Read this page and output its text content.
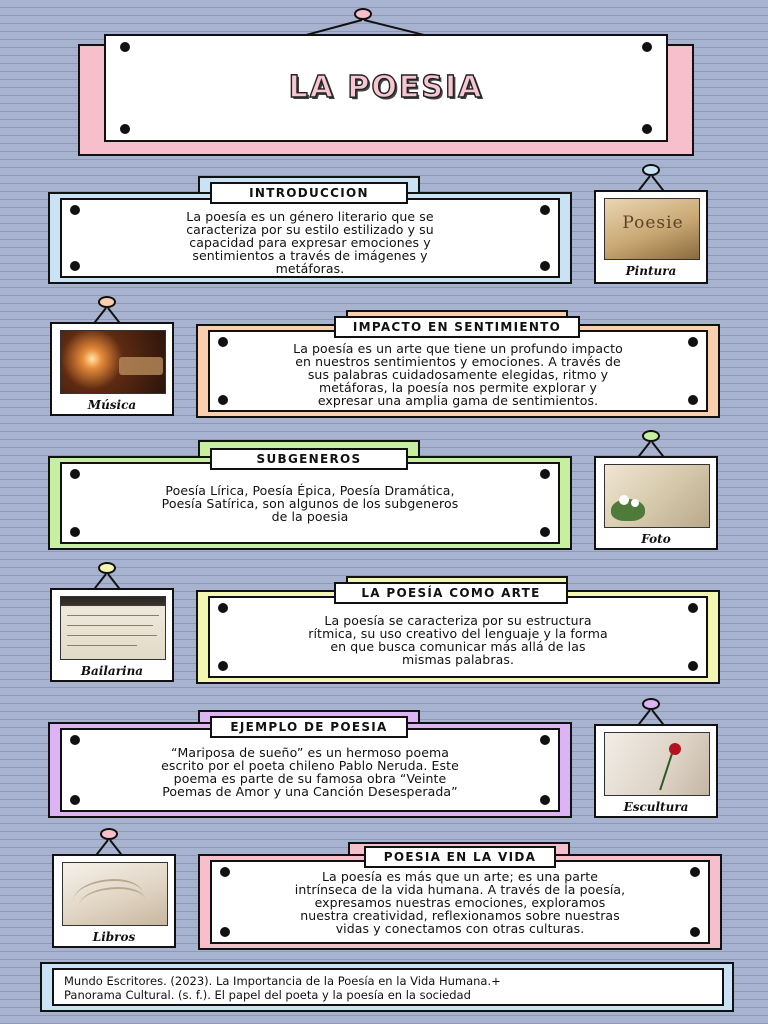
LA POESIA
INTRODUCCION
La poesía es un género literario que se
caracteriza por su estilo estilizado y su
capacidad para expresar emociones y
sentimientos a través de imágenes y
metáforas.
Poesie
Pintura
Música
IMPACTO EN SENTIMIENTO
La poesía es un arte que tiene un profundo impacto
en nuestros sentimientos y emociones. A través de
sus palabras cuidadosamente elegidas, ritmo y
metáforas, la poesía nos permite explorar y
expresar una amplia gama de sentimientos.
SUBGENEROS
Poesía Lírica, Poesía Épica, Poesía Dramática,
Poesía Satírica, son algunos de los subgeneros
de la poesia
Foto
Bailarina
LA POESÍA COMO ARTE
La poesía se caracteriza por su estructura
rítmica, su uso creativo del lenguaje y la forma
en que busca comunicar más allá de las
mismas palabras.
EJEMPLO DE POESIA
“Mariposa de sueño” es un hermoso poema
escrito por el poeta chileno Pablo Neruda. Este
poema es parte de su famosa obra “Veinte
Poemas de Amor y una Canción Desesperada”
Escultura
Libros
POESIA EN LA VIDA
La poesía es más que un arte; es una parte
intrínseca de la vida humana. A través de la poesía,
expresamos nuestras emociones, exploramos
nuestra creatividad, reflexionamos sobre nuestras
vidas y conectamos con otras culturas.
Mundo Escritores. (2023). La Importancia de la Poesía en la Vida Humana.+
Panorama Cultural. (s. f.). El papel del poeta y la poesía en la sociedad
